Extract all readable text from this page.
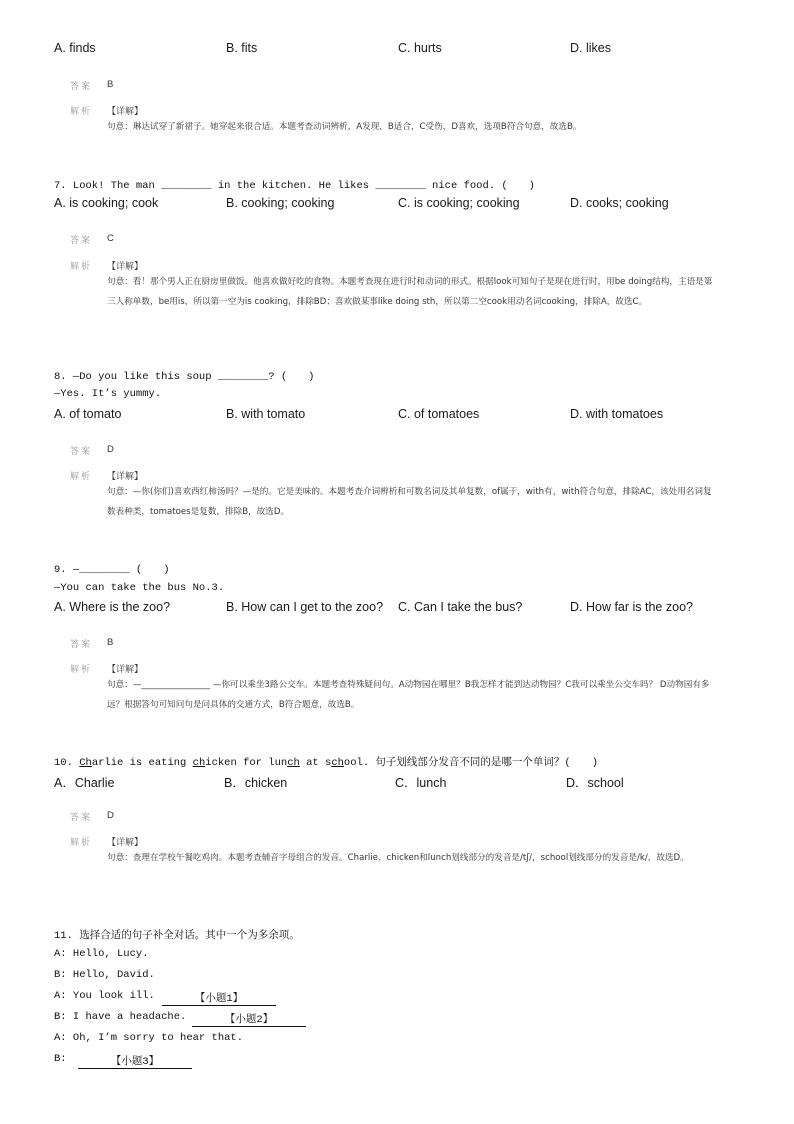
A. finds	B. fits	C. hurts	D. likes
答案 B
解析 【详解】
句意：琳达试穿了新裙子。她穿起来很合适。本题考查动词辨析，A发现，B适合，C受伤，D喜欢，选项B符合句意，故选B。
7. Look! The man ________ in the kitchen. He likes ________ nice food. (　　)
A. is cooking; cook	B. cooking; cooking	C. is cooking; cooking	D. cooks; cooking
答案 C
解析 【详解】
句意：看！那个男人正在厨房里做饭。他喜欢做好吃的食物。本题考查现在进行时和动词的形式。根据look可知句子是现在进行时，用be doing结构，主语是第三人称单数，be用is，所以第一空为is cooking，排除BD；喜欢做某事like doing sth，所以第二空cook用动名词cooking，排除A，故选C。
8. —Do you like this soup ________? (　　)
—Yes. It’s yummy.
A. of tomato	B. with tomato	C. of tomatoes	D. with tomatoes
答案 D
解析 【详解】
句意：—你(你们)喜欢西红柿汤吗？—是的。它是美味的。本题考查介词辨析和可数名词及其单复数，of属于，with有，with符合句意，排除AC，该处用名词复数表种类，tomatoes是复数，排除B，故选D。
9. —________ (　　)
—You can take the bus No.3.
A. Where is the zoo?	B. How can I get to the zoo? C. Can I take the bus?	D. How far is the zoo?
答案 B
解析 【详解】
句意：—________________ —你可以乘坐3路公交车。本题考查特殊疑问句。A动物园在哪里？B我怎样才能到达动物园？C我可以乘坐公交车吗？ D动物园有多远？根据答句可知问句是问具体的交通方式，B符合题意，故选B。
10. Charlie is eating chicken for lunch at school. 句子划线部分发音不同的是哪一个单词？(　　)
A．Charlie	B．chicken	C．lunch	D．school
答案 D
解析 【详解】
句意：查理在学校午餐吃鸡肉。本题考查辅音字母组合的发音。Charlie、chicken和lunch划线部分的发音是/tʃ/，school划线部分的发音是/k/，故选D。
11. 选择合适的句子补全对话。其中一个为多余项。
A: Hello, Lucy.
B: Hello, David.
A: You look ill.	【小题1】
B: I have a headache.	【小题2】
A: Oh, I’m sorry to hear that.
B:	【小题3】
